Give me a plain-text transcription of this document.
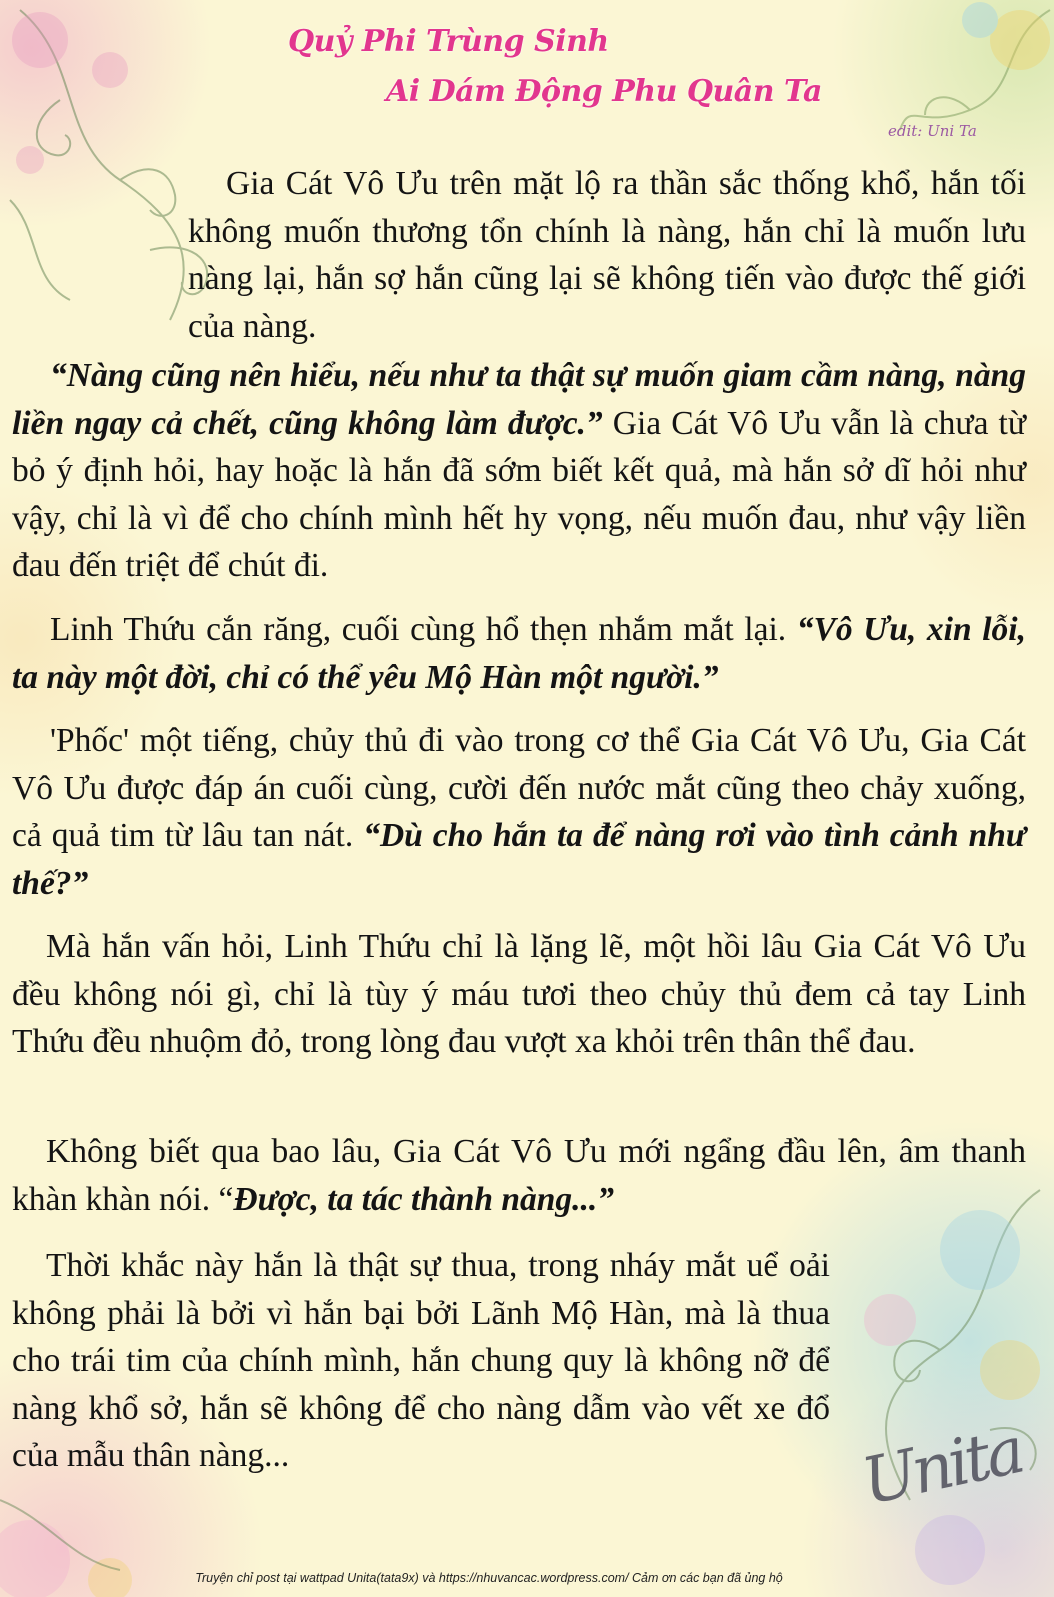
Quỷ Phi Trùng Sinh
Ai Dám Động Phu Quân Ta

edit: Uni Ta

Gia Cát Vô Ưu trên mặt lộ ra thần sắc thống khổ, hắn tối không muốn thương tổn chính là nàng, hắn chỉ là muốn lưu nàng lại, hắn sợ hắn cũng lại sẽ không tiến vào được thế giới của nàng.

“Nàng cũng nên hiểu, nếu như ta thật sự muốn giam cầm nàng, nàng liền ngay cả chết, cũng không làm được.” Gia Cát Vô Ưu vẫn là chưa từ bỏ ý định hỏi, hay hoặc là hắn đã sớm biết kết quả, mà hắn sở dĩ hỏi như vậy, chỉ là vì để cho chính mình hết hy vọng, nếu muốn đau, như vậy liền đau đến triệt để chút đi.

Linh Thứu cắn răng, cuối cùng hổ thẹn nhắm mắt lại. “Vô Ưu, xin lỗi, ta này một đời, chỉ có thể yêu Mộ Hàn một người.”

'Phốc' một tiếng, chủy thủ đi vào trong cơ thể Gia Cát Vô Ưu, Gia Cát Vô Ưu được đáp án cuối cùng, cười đến nước mắt cũng theo chảy xuống, cả quả tim từ lâu tan nát. “Dù cho hắn ta để nàng rơi vào tình cảnh như thế?”

Mà hắn vấn hỏi, Linh Thứu chỉ là lặng lẽ, một hồi lâu Gia Cát Vô Ưu đều không nói gì, chỉ là tùy ý máu tươi theo chủy thủ đem cả tay Linh Thứu đều nhuộm đỏ, trong lòng đau vượt xa khỏi trên thân thể đau.

Không biết qua bao lâu, Gia Cát Vô Ưu mới ngẩng đầu lên, âm thanh khàn khàn nói. “Được, ta tác thành nàng...”

Thời khắc này hắn là thật sự thua, trong nháy mắt uể oải không phải là bởi vì hắn bại bởi Lãnh Mộ Hàn, mà là thua cho trái tim của chính mình, hắn chung quy là không nỡ để nàng khổ sở, hắn sẽ không để cho nàng dẫm vào vết xe đổ của mẫu thân nàng...	Unita

Truyện chỉ post tại wattpad Unita(tata9x) và https://nhuvancac.wordpress.com/ Cảm ơn các bạn đã ủng hộ
